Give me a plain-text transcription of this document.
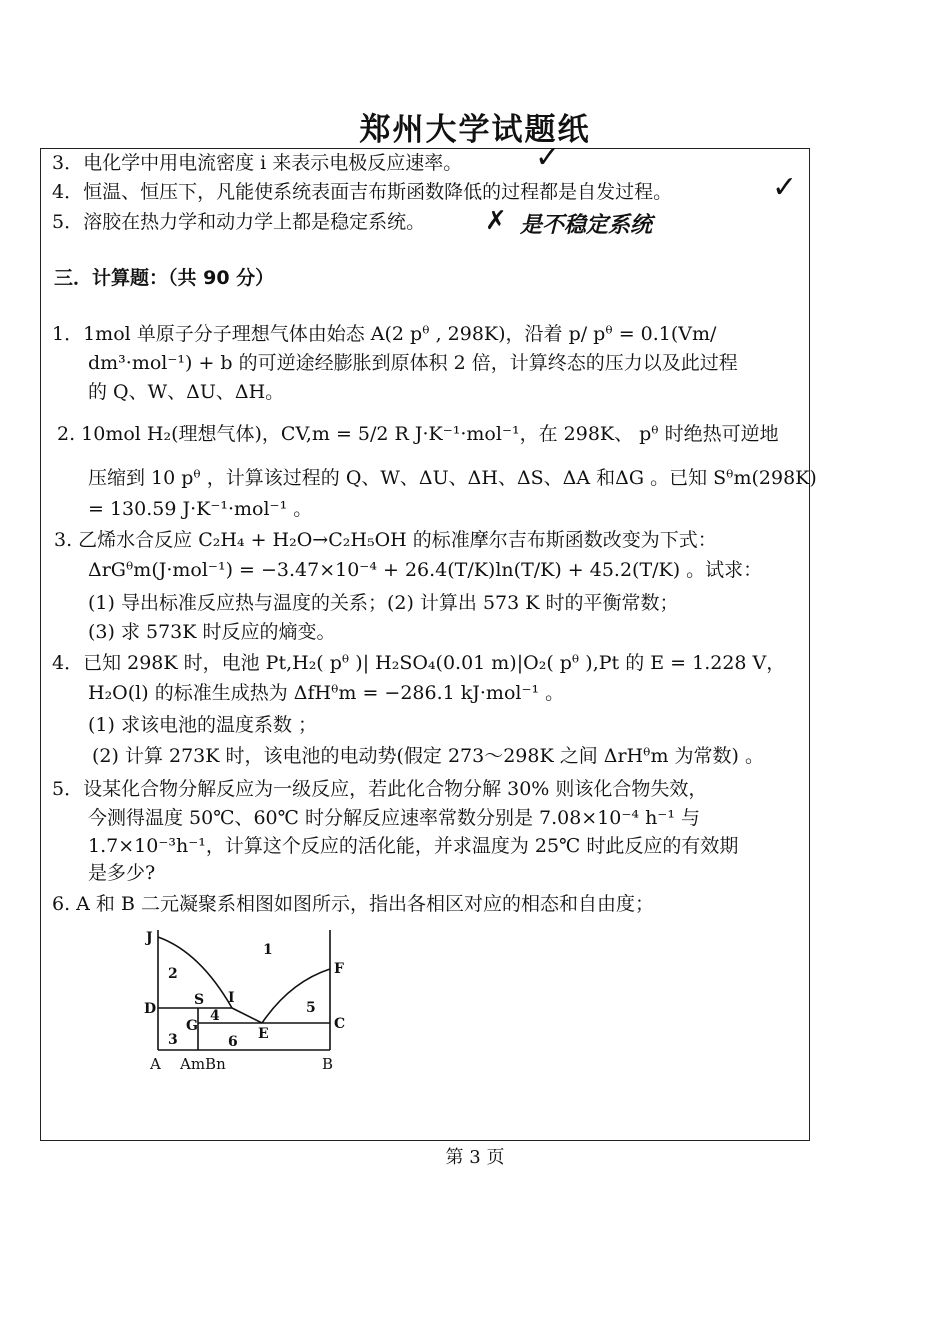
郑州大学试题纸
3．电化学中用电流密度 i 来表示电极反应速率。 ✓
4．恒温、恒压下，凡能使系统表面吉布斯函数降低的过程都是自发过程。	✓
5．溶胶在热力学和动力学上都是稳定系统。 ✗ 是不稳定系统
三．计算题：（共 90 分）
1．1mol 单原子分子理想气体由始态 A(2 pᶿ , 298K)，沿着 p/ pᶿ = 0.1(Vm/
dm³·mol⁻¹) + b 的可逆途经膨胀到原体积 2 倍，计算终态的压力以及此过程
的 Q、W、ΔU、ΔH。
2. 10mol H₂(理想气体)，CV,m = 5/2 R J·K⁻¹·mol⁻¹，在 298K、 pᶿ 时绝热可逆地
压缩到 10 pᶿ ，计算该过程的 Q、W、ΔU、ΔH、ΔS、ΔA 和ΔG 。已知 Sᶿm(298K)
= 130.59 J·K⁻¹·mol⁻¹ 。
3. 乙烯水合反应 C₂H₄ + H₂O→C₂H₅OH 的标准摩尔吉布斯函数改变为下式：
ΔrGᶿm(J·mol⁻¹) = −3.47×10⁻⁴ + 26.4(T/K)ln(T/K) + 45.2(T/K) 。试求：
(1) 导出标准反应热与温度的关系；(2) 计算出 573 K 时的平衡常数；
(3) 求 573K 时反应的熵变。
4．已知 298K 时，电池 Pt,H₂( pᶿ )| H₂SO₄(0.01 m)|O₂( pᶿ ),Pt 的 E = 1.228 V，
H₂O(l) 的标准生成热为 ΔfHᶿm = −286.1 kJ·mol⁻¹ 。
(1) 求该电池的温度系数 ；
(2) 计算 273K 时，该电池的电动势(假定 273～298K 之间 ΔrHᶿm 为常数) 。
5．设某化合物分解反应为一级反应，若此化合物分解 30% 则该化合物失效，
今测得温度 50℃、60℃ 时分解反应速率常数分别是 7.08×10⁻⁴ h⁻¹ 与
1.7×10⁻³h⁻¹，计算这个反应的活化能，并求温度为 25℃ 时此反应的有效期
是多少?
6. A 和 B 二元凝聚系相图如图所示，指出各相区对应的相态和自由度；
J
D
F
C
S I
G	E
1
2
3
4	5
6
A AmBn	B
第 3 页
